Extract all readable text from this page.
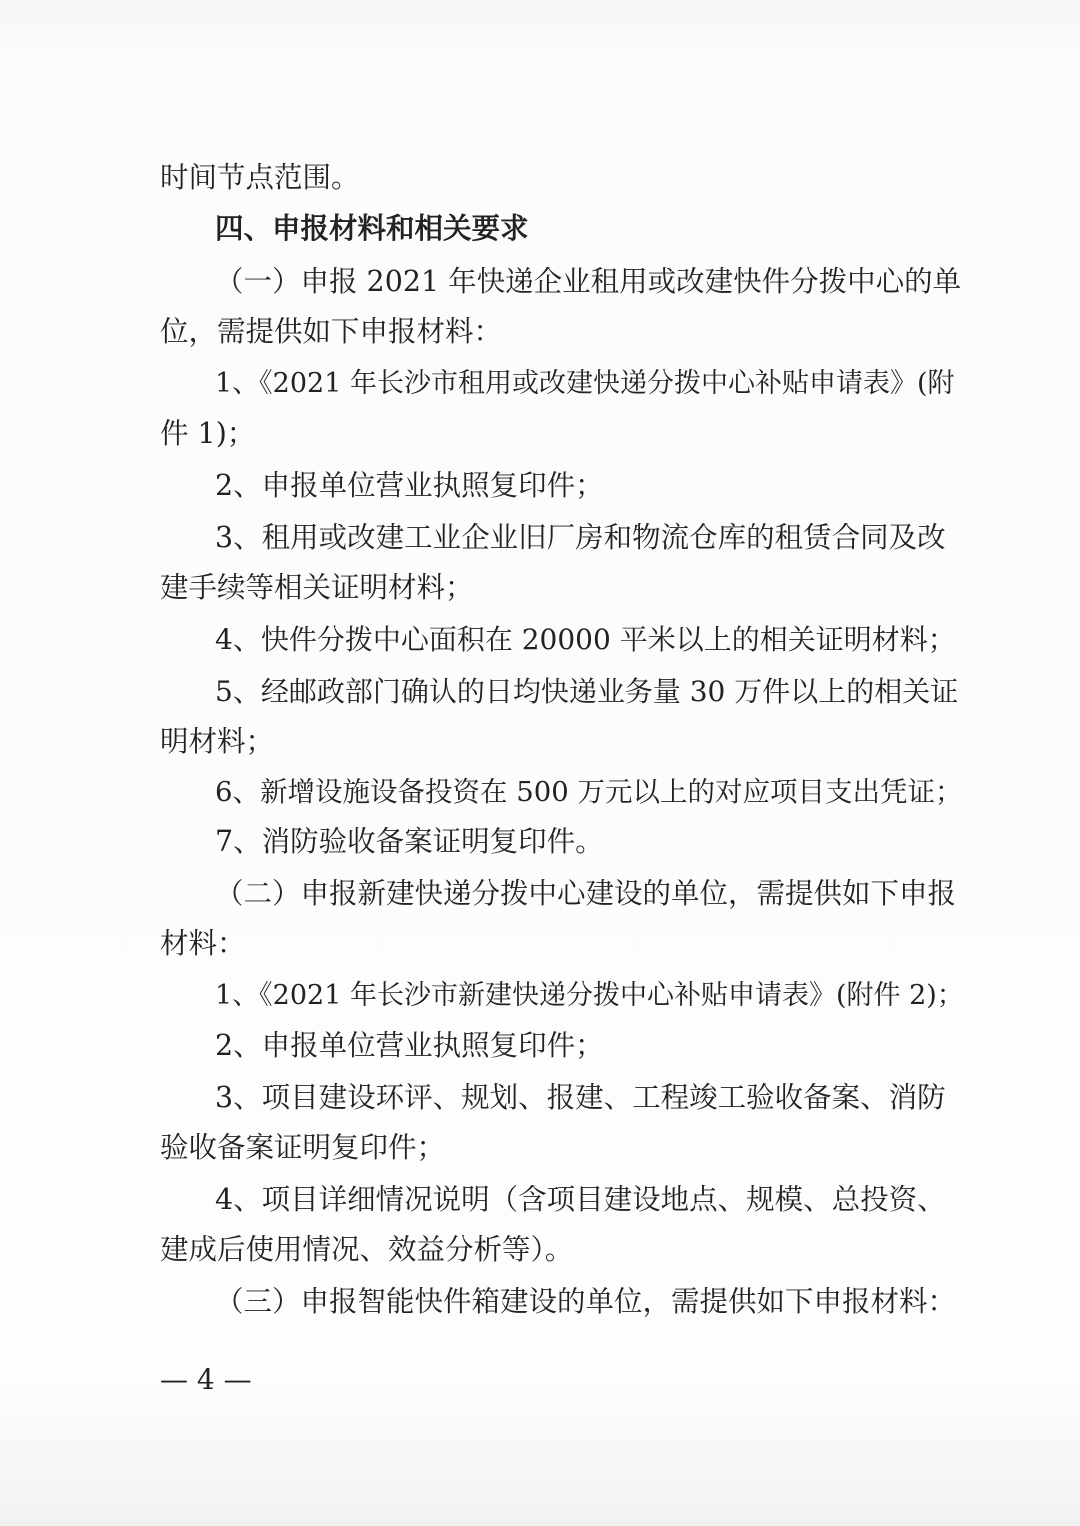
时间节点范围。
四、申报材料和相关要求
（一）申报 2021 年快递企业租用或改建快件分拨中心的单
位，需提供如下申报材料：
1、《2021 年长沙市租用或改建快递分拨中心补贴申请表》(附
件 1)；
2、申报单位营业执照复印件；
3、租用或改建工业企业旧厂房和物流仓库的租赁合同及改
建手续等相关证明材料；
4、快件分拨中心面积在 20000 平米以上的相关证明材料；
5、经邮政部门确认的日均快递业务量 30 万件以上的相关证
明材料；
6、新增设施设备投资在 500 万元以上的对应项目支出凭证；
7、消防验收备案证明复印件。
（二）申报新建快递分拨中心建设的单位，需提供如下申报
材料：
1、《2021 年长沙市新建快递分拨中心补贴申请表》(附件 2)；
2、申报单位营业执照复印件；
3、项目建设环评、规划、报建、工程竣工验收备案、消防
验收备案证明复印件；
4、项目详细情况说明（含项目建设地点、规模、总投资、
建成后使用情况、效益分析等）。
（三）申报智能快件箱建设的单位，需提供如下申报材料：
— 4 —
